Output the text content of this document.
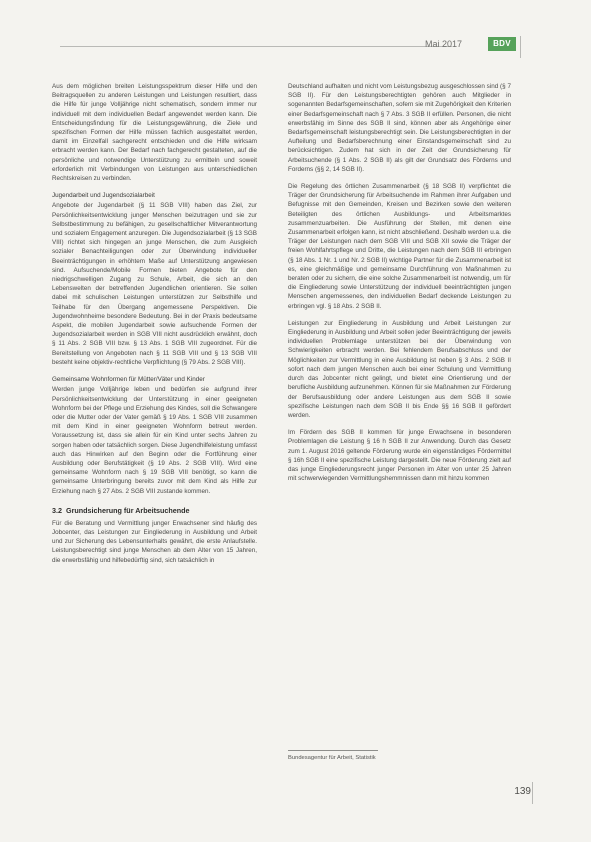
Mai 2017	BDV

Aus dem möglichen breiten Leistungsspektrum dieser Hilfe und den Beitragsquellen zu anderen Leistungen und Leistungen resultiert, dass die Hilfe für junge Volljährige nicht schematisch, sondern immer nur individuell mit dem individuellen Bedarf angewendet werden kann. Die Entscheidungsfindung für die Leistungsgewährung, die Ziele und spezifischen Formen der Hilfe müssen fachlich ausgestaltet werden, damit im Einzelfall sachgerecht entschieden und die Hilfe wirksam erbracht werden kann. Der Bedarf nach fachgerecht gestalteten, auf die persönliche und notwendige Unterstützung zu ermitteln und soweit erforderlich mit Verbindungen von Leistungen aus unterschiedlichen Rechtskreisen zu verbinden.

Jugendarbeit und Jugendsozialarbeit

Angebote der Jugendarbeit (§ 11 SGB VIII) haben das Ziel, zur Persönlichkeitsentwicklung junger Menschen beizutragen und sie zur Selbstbestimmung zu befähigen, zu gesellschaftlicher Mitverantwortung und sozialem Engagement anzuregen. Die Jugendsozialarbeit (§ 13 SGB VIII) richtet sich hingegen an junge Menschen, die zum Ausgleich sozialer Benachteiligungen oder zur Überwindung individueller Beeinträchtigungen in erhöhtem Maße auf Unterstützung angewiesen sind. Aufsuchende/Mobile Formen bieten Angebote für den niedrigschwelligen Zugang zu Schule, Arbeit, die sich an den Lebenswelten der betreffenden Jugendlichen orientieren. Sie sollen dabei mit schulischen Leistungen unterstützen zur Selbsthilfe und Teilhabe für den Übergang angemessene Perspektiven. Die Jugendwohnheime besondere Bedeutung. Bei in der Praxis bedeutsame Aspekt, die mobilen Jugendarbeit sowie aufsuchende Formen der Jugendsozialarbeit werden in SGB VIII nicht ausdrücklich erwähnt, doch § 11 Abs. 2 SGB VIII bzw. § 13 Abs. 1 SGB VIII zugeordnet. Für die Bereitstellung von Angeboten nach § 11 SGB VIII und § 13 SGB VIII besteht keine objektiv-rechtliche Verpflichtung (§ 79 Abs. 2 SGB VIII).

Gemeinsame Wohnformen für Mütter/Väter und Kinder

Werden junge Volljährige leben und bedürfen sie aufgrund ihrer Persönlichkeitsentwicklung der Unterstützung in einer geeigneten Wohnform bei der Pflege und Erziehung des Kindes, soll die Schwangere oder die Mutter oder der Vater gemäß § 19 Abs. 1 SGB VIII zusammen mit dem Kind in einer geeigneten Wohnform betreut werden. Voraussetzung ist, dass sie allein für ein Kind unter sechs Jahren zu sorgen haben oder tatsächlich sorgen. Diese Jugendhilfeleistung umfasst auch das Hinwirken auf den Beginn oder die Fortführung einer Ausbildung oder Berufstätigkeit (§ 19 Abs. 2 SGB VIII). Wird eine gemeinsame Wohnform nach § 19 SGB VIII benötigt, so kann die gemeinsame Unterbringung bereits zuvor mit dem Kind als Hilfe zur Erziehung nach § 27 Abs. 2 SGB VIII zustande kommen.

3.2 Grundsicherung für Arbeitsuchende

Für die Beratung und Vermittlung junger Erwachsener sind häufig des Jobcenter, das Leistungen zur Eingliederung in Ausbildung und Arbeit und zur Sicherung des Lebensunterhalts gewährt, die erste Anlaufstelle. Leistungsberechtigt sind junge Menschen ab dem Alter von 15 Jahren, die erwerbsfähig und hilfebedürftig sind, sich tatsächlich in

Deutschland aufhalten und nicht vom Leistungsbezug ausgeschlossen sind (§ 7 SGB II). Für den Leistungsberechtigten gehören auch Mitglieder in sogenannten Bedarfsgemeinschaften, sofern sie mit Zugehörigkeit den Kriterien einer Bedarfsgemeinschaft nach § 7 Abs. 3 SGB II erfüllen. Personen, die nicht erwerbsfähig im Sinne des SGB II sind, können aber als Angehörige einer Bedarfsgemeinschaft leistungsberechtigt sein. Die Leistungsberechtigten in der Aufteilung und Bedarfsberechnung einer Einstandsgemeinschaft sind zu berücksichtigen. Zudem hat sich in der Zeit der Grundsicherung für Arbeitsuchende (§ 1 Abs. 2 SGB II) als gilt der Grundsatz des Förderns und Forderns (§§ 2, 14 SGB II).

Die Regelung des örtlichen Zusammenarbeit (§ 18 SGB II) verpflichtet die Träger der Grundsicherung für Arbeitsuchende im Rahmen ihrer Aufgaben und Befugnisse mit den Gemeinden, Kreisen und Bezirken sowie den weiteren Beteiligten des örtlichen Ausbildungs- und Arbeitsmarktes zusammenzuarbeiten. Die Ausführung der Stellen, mit denen eine Zusammenarbeit erfolgen kann, ist nicht abschließend. Deshalb werden u.a. die Träger der Leistungen nach dem SGB VIII und SGB XII sowie die Träger der freien Wohlfahrtspflege und Dritte, die Leistungen nach dem SGB III erbringen (§ 18 Abs. 1 Nr. 1 und Nr. 2 SGB II) wichtige Partner für die Zusammenarbeit ist es, eine gleichmäßige und gemeinsame Durchführung von Maßnahmen zu beraten oder zu sichern, die eine solche Zusammenarbeit ist notwendig, um für die Eingliederung sowie Unterstützung der individuell beeinträchtigten jungen Menschen angemessenes, den individuellen Bedarf deckende Leistungen zu erbringen vgl. § 18 Abs. 2 SGB II.

Leistungen zur Eingliederung in Ausbildung und Arbeit Leistungen zur Eingliederung in Ausbildung und Arbeit sollen jeder Beeinträchtigung der jeweils individuellen Problemlage unterstützen bei der Überwindung von Schwierigkeiten erbracht werden. Bei fehlendem Berufsabschluss und der Möglichkeiten zur Vermittlung in eine Ausbildung ist neben § 3 Abs. 2 SGB II sofort nach dem jungen Menschen auch bei einer Schulung und Vermittlung durch das Jobcenter nicht gelingt, und bietet eine Orientierung und der berufliche Ausbildung aufzunehmen. Können für sie Maßnahmen zur Förderung der Berufsausbildung oder andere Leistungen aus dem SGB II sowie spezifische Leistungen nach dem SGB II bis Ende §§ 16 SGB II gefördert werden.

Im Fördern des SGB II kommen für junge Erwachsene in besonderen Problemlagen die Leistung § 16 h SGB II zur Anwendung. Durch das Gesetz zum 1. August 2016 geltende Förderung wurde ein eigenständiges Fördermittel § 16h SGB II eine spezifische Leistung dargestellt. Die neue Förderung zielt auf das junge Eingliederungsrecht junger Personen im Alter von unter 25 Jahren mit schwerwiegenden Vermittlungshemmnissen dann mit hinzu kommen

Bundesagentur für Arbeit, Statistik
139
